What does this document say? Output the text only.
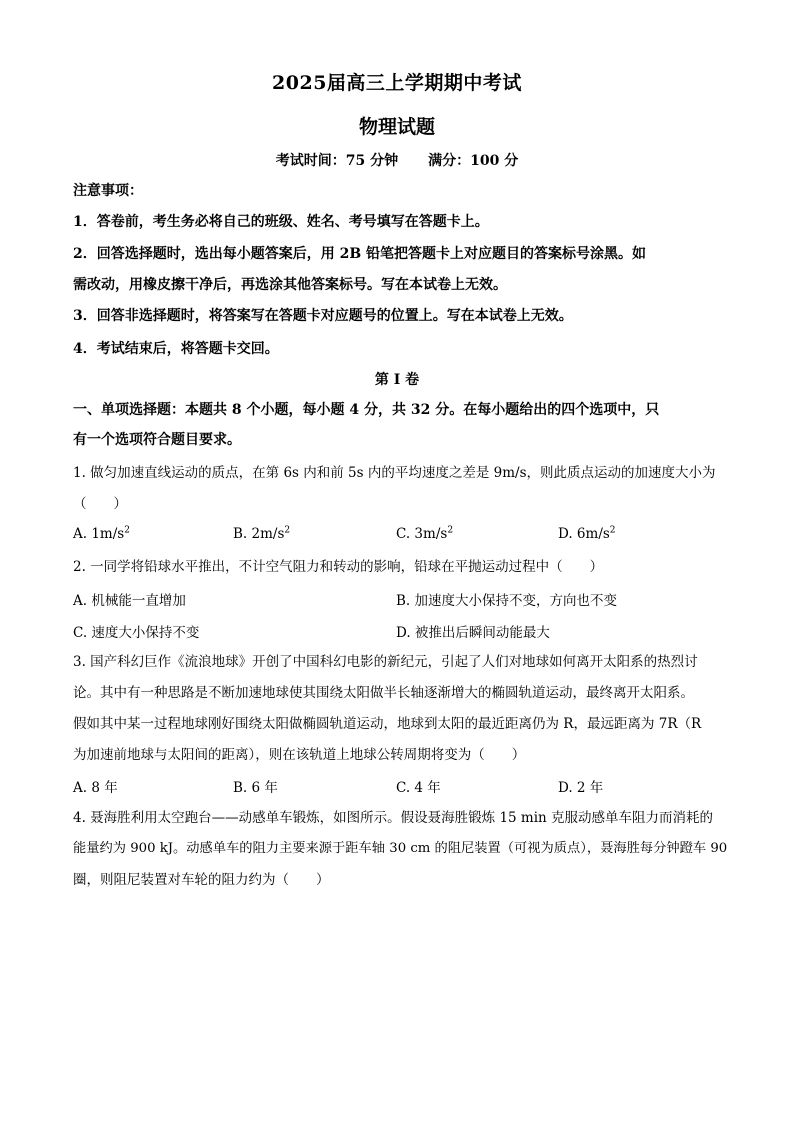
2025届高三上学期期中考试
物理试题
考试时间：75 分钟 满分：100 分
注意事项：
1．答卷前，考生务必将自己的班级、姓名、考号填写在答题卡上。
2．回答选择题时，选出每小题答案后，用 2B 铅笔把答题卡上对应题目的答案标号涂黑。如
需改动，用橡皮擦干净后，再选涂其他答案标号。写在本试卷上无效。
3．回答非选择题时，将答案写在答题卡对应题号的位置上。写在本试卷上无效。
4．考试结束后，将答题卡交回。
第 I 卷
一、单项选择题：本题共 8 个小题，每小题 4 分，共 32 分。在每小题给出的四个选项中，只
有一个选项符合题目要求。
1. 做匀加速直线运动的质点，在第 6s 内和前 5s 内的平均速度之差是 9m/s，则此质点运动的加速度大小为
（　　）
A. $1m/s^2$	B. $2m/s^2$	C. $3m/s^2$	D. $6m/s^2$
2. 一同学将铅球水平推出，不计空气阻力和转动的影响，铅球在平抛运动过程中（　　）
A. 机械能一直增加	B. 加速度大小保持不变，方向也不变
C. 速度大小保持不变	D. 被推出后瞬间动能最大
3. 国产科幻巨作《流浪地球》开创了中国科幻电影的新纪元，引起了人们对地球如何离开太阳系的热烈讨
论。其中有一种思路是不断加速地球使其围绕太阳做半长轴逐渐增大的椭圆轨道运动，最终离开太阳系。
假如其中某一过程地球刚好围绕太阳做椭圆轨道运动，地球到太阳的最近距离仍为 R，最远距离为 7R（R
为加速前地球与太阳间的距离），则在该轨道上地球公转周期将变为（　　）
A. 8 年	B. 6 年	C. 4 年	D. 2 年
4. 聂海胜利用太空跑台——动感单车锻炼，如图所示。假设聂海胜锻炼 15 min 克服动感单车阻力而消耗的
能量约为 900 kJ。动感单车的阻力主要来源于距车轴 30 cm 的阻尼装置（可视为质点），聂海胜每分钟蹬车 90
圈，则阻尼装置对车轮的阻力约为（　　）
